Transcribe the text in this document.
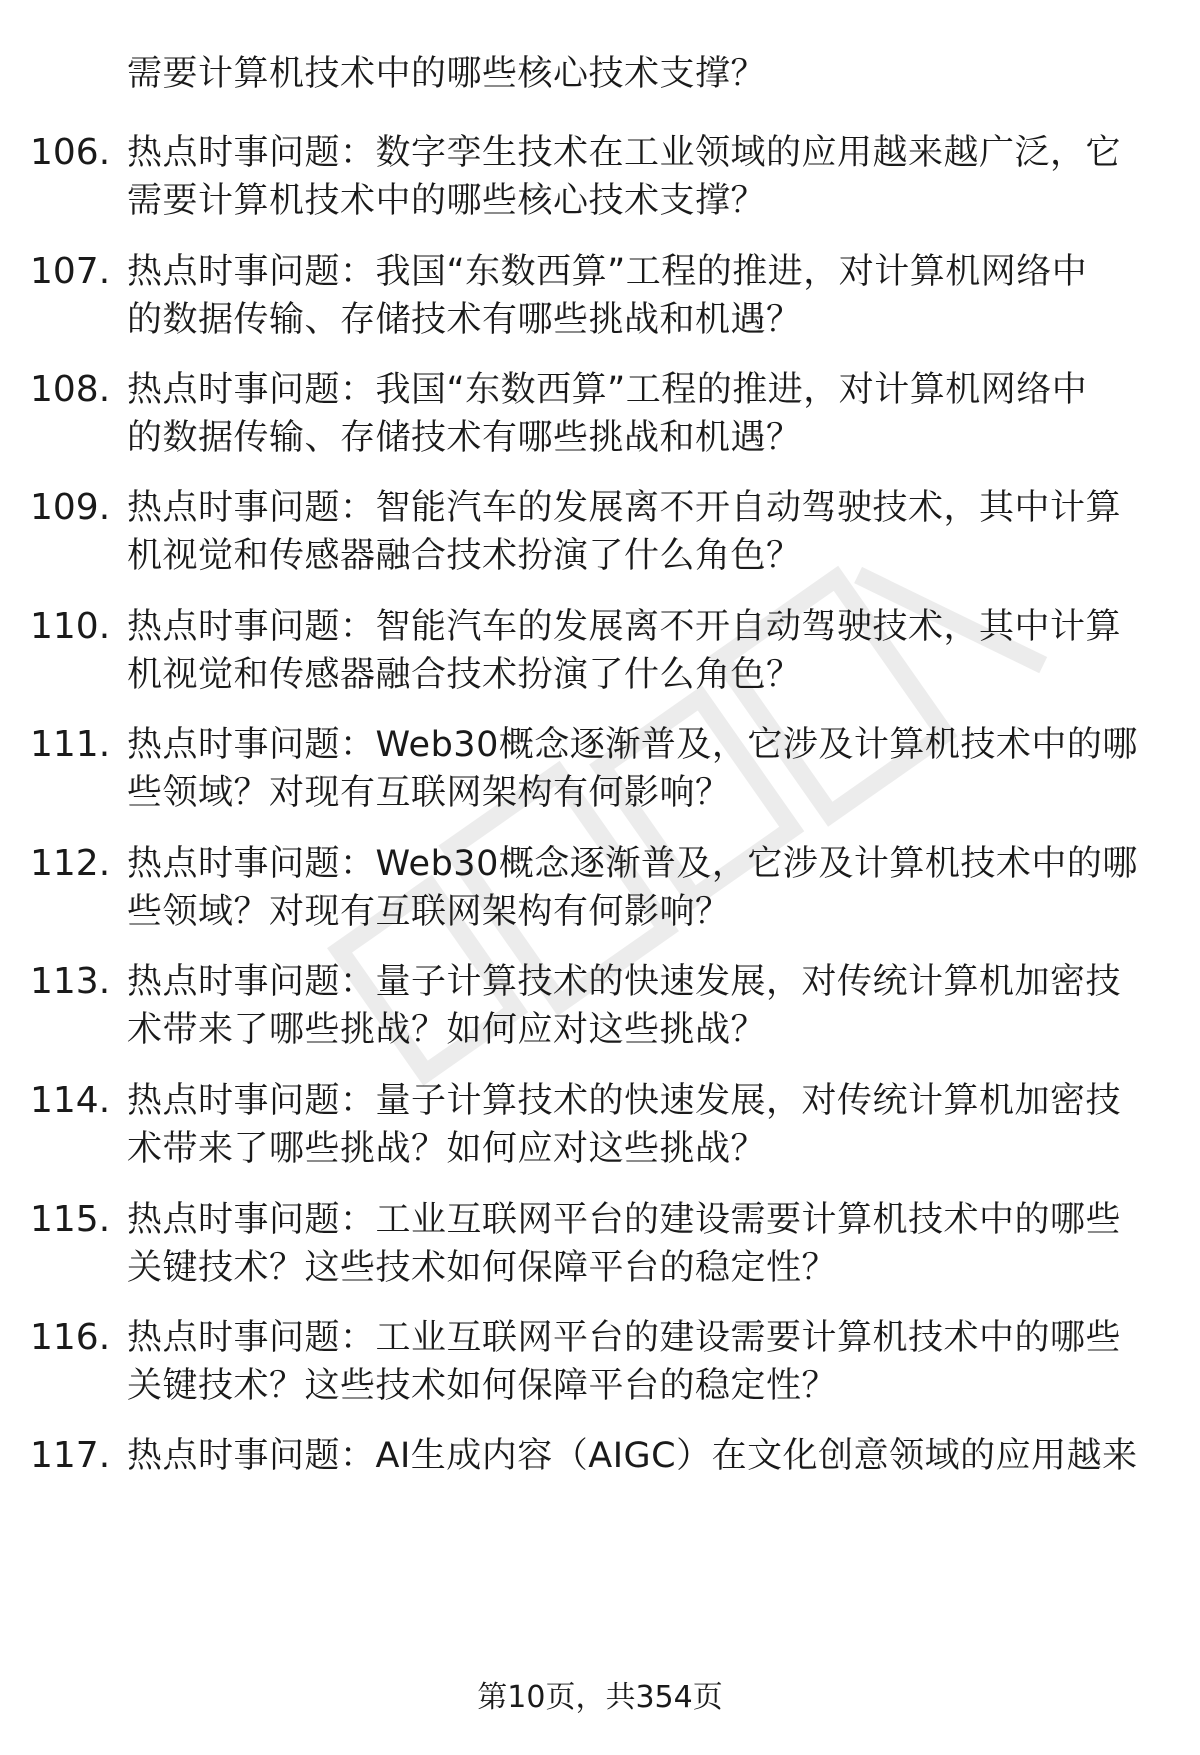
需要计算机技术中的哪些核心技术支撑？
106. 热点时事问题：数字孪生技术在工业领域的应用越来越广泛，它
需要计算机技术中的哪些核心技术支撑？
107. 热点时事问题：我国“东数西算”工程的推进，对计算机网络中
的数据传输、存储技术有哪些挑战和机遇？
108. 热点时事问题：我国“东数西算”工程的推进，对计算机网络中
的数据传输、存储技术有哪些挑战和机遇？
109. 热点时事问题：智能汽车的发展离不开自动驾驶技术，其中计算
机视觉和传感器融合技术扮演了什么角色？
110. 热点时事问题：智能汽车的发展离不开自动驾驶技术，其中计算
机视觉和传感器融合技术扮演了什么角色？
111. 热点时事问题：Web30概念逐渐普及，它涉及计算机技术中的哪
些领域？对现有互联网架构有何影响？
112. 热点时事问题：Web30概念逐渐普及，它涉及计算机技术中的哪
些领域？对现有互联网架构有何影响？
113. 热点时事问题：量子计算技术的快速发展，对传统计算机加密技
术带来了哪些挑战？如何应对这些挑战？
114. 热点时事问题：量子计算技术的快速发展，对传统计算机加密技
术带来了哪些挑战？如何应对这些挑战？
115. 热点时事问题：工业互联网平台的建设需要计算机技术中的哪些
关键技术？这些技术如何保障平台的稳定性？
116. 热点时事问题：工业互联网平台的建设需要计算机技术中的哪些
关键技术？这些技术如何保障平台的稳定性？
117. 热点时事问题：AI生成内容（AIGC）在文化创意领域的应用越来
第10页，共354页
